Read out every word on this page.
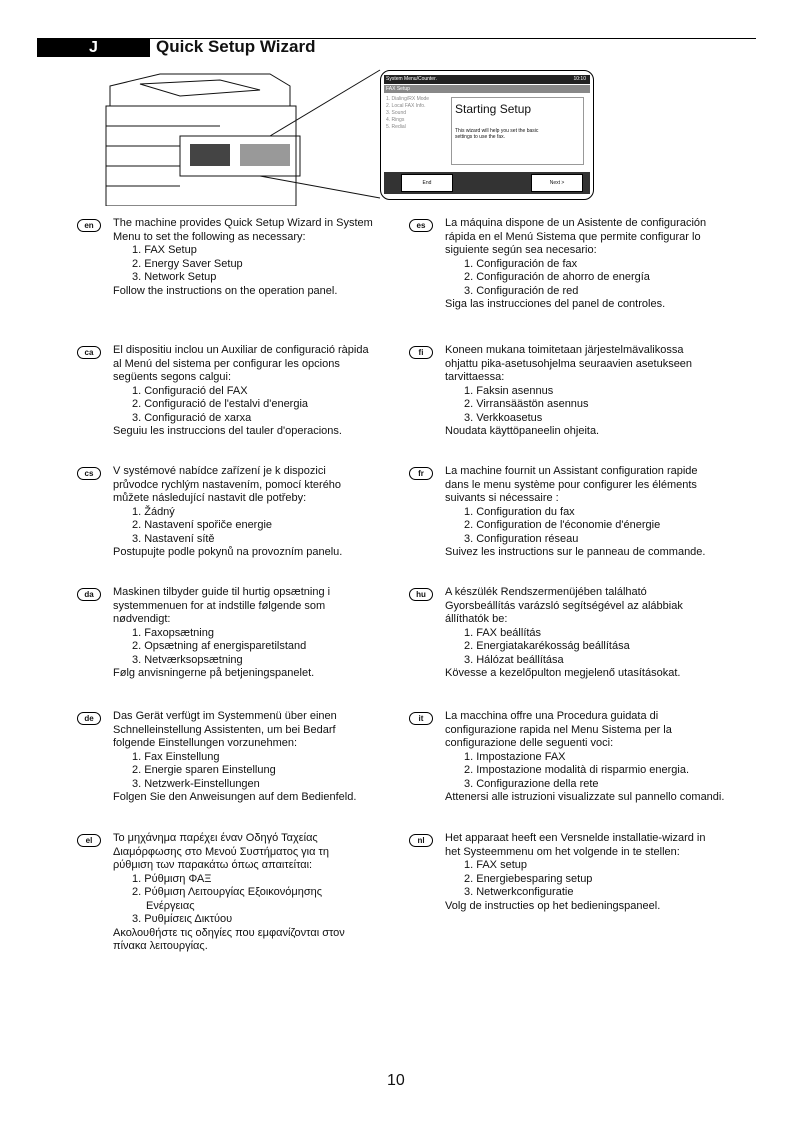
J	Quick Setup Wizard
System Menu/Counter.	10:10
FAX Setup
1. Dialing/RX Mode
2. Local FAX Info.
3. Sound
4. Rings
5. Redial
Starting Setup
This wizard will help you set the basic settings to use the fax.
End	Next >
en	The machine provides Quick Setup Wizard in System
Menu to set the following as necessary:
1. FAX Setup
2. Energy Saver Setup
3. Network Setup
Follow the instructions on the operation panel.
es	La máquina dispone de un Asistente de configuración
rápida en el Menú Sistema que permite configurar lo
siguiente según sea necesario:
1. Configuración de fax
2. Configuración de ahorro de energía
3. Configuración de red
Siga las instrucciones del panel de controles.
ca	El dispositiu inclou un Auxiliar de configuració ràpida
al Menú del sistema per configurar les opcions
següents segons calgui:
1. Configuració del FAX
2. Configuració de l'estalvi d'energia
3. Configuració de xarxa
Seguiu les instruccions del tauler d'operacions.
fi	Koneen mukana toimitetaan järjestelmävalikossa
ohjattu pika-asetusohjelma seuraavien asetukseen
tarvittaessa:
1. Faksin asennus
2. Virransäästön asennus
3. Verkkoasetus
Noudata käyttöpaneelin ohjeita.
cs	V systémové nabídce zařízení je k dispozici
průvodce rychlým nastavením, pomocí kterého
můžete následující nastavit dle potřeby:
1. Žádný
2. Nastavení spořiče energie
3. Nastavení sítě
Postupujte podle pokynů na provozním panelu.
fr	La machine fournit un Assistant configuration rapide
dans le menu système pour configurer les éléments
suivants si nécessaire :
1. Configuration du fax
2. Configuration de l'économie d'énergie
3. Configuration réseau
Suivez les instructions sur le panneau de commande.
da	Maskinen tilbyder guide til hurtig opsætning i
systemmenuen for at indstille følgende som
nødvendigt:
1. Faxopsætning
2. Opsætning af energisparetilstand
3. Netværksopsætning
Følg anvisningerne på betjeningspanelet.
hu	A készülék Rendszermenüjében található
Gyorsbeállítás varázsló segítségével az alábbiak
állíthatók be:
1. FAX beállítás
2. Energiatakarékosság beállítása
3. Hálózat beállítása
Kövesse a kezelőpulton megjelenő utasításokat.
de	Das Gerät verfügt im Systemmenü über einen
Schnelleinstellung Assistenten, um bei Bedarf
folgende Einstellungen vorzunehmen:
1. Fax Einstellung
2. Energie sparen Einstellung
3. Netzwerk-Einstellungen
Folgen Sie den Anweisungen auf dem Bedienfeld.
it	La macchina offre una Procedura guidata di
configurazione rapida nel Menu Sistema per la
configurazione delle seguenti voci:
1. Impostazione FAX
2. Impostazione modalità di risparmio energia.
3. Configurazione della rete
Attenersi alle istruzioni visualizzate sul pannello comandi.
el	Το μηχάνημα παρέχει έναν Οδηγό Ταχείας
Διαμόρφωσης στο Μενού Συστήματος για τη
ρύθμιση των παρακάτω όπως απαιτείται:
1. Ρύθμιση ΦΑΞ
2. Ρύθμιση Λειτουργίας Εξοικονόμησης
Ενέργειας
3. Ρυθμίσεις Δικτύου
Ακολουθήστε τις οδηγίες που εμφανίζονται στον
πίνακα λειτουργίας.
nl	Het apparaat heeft een Versnelde installatie-wizard in
het Systeemmenu om het volgende in te stellen:
1. FAX setup
2. Energiebesparing setup
3. Netwerkconfiguratie
Volg de instructies op het bedieningspaneel.
10
